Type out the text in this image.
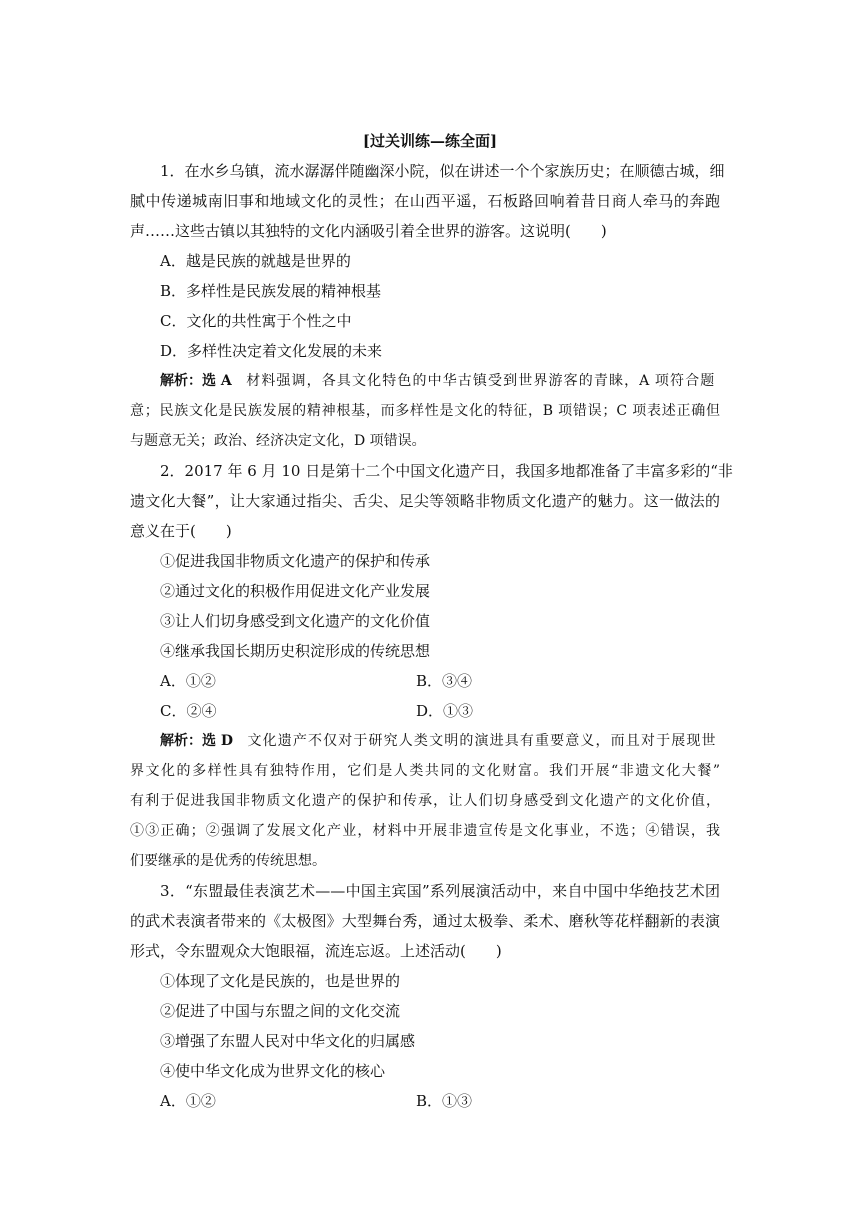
[过关训练—练全面]
1．在水乡乌镇，流水潺潺伴随幽深小院，似在讲述一个个家族历史；在顺德古城，细
腻中传递城南旧事和地域文化的灵性；在山西平遥，石板路回响着昔日商人牵马的奔跑
声……这些古镇以其独特的文化内涵吸引着全世界的游客。这说明(　　)
A．越是民族的就越是世界的
B．多样性是民族发展的精神根基
C．文化的共性寓于个性之中
D．多样性决定着文化发展的未来
解析：选 A 材料强调，各具文化特色的中华古镇受到世界游客的青睐，A 项符合题
意；民族文化是民族发展的精神根基，而多样性是文化的特征，B 项错误；C 项表述正确但
与题意无关；政治、经济决定文化，D 项错误。
2．2017 年 6 月 10 日是第十二个中国文化遗产日，我国多地都准备了丰富多彩的“非
遗文化大餐”，让大家通过指尖、舌尖、足尖等领略非物质文化遗产的魅力。这一做法的
意义在于(　　)
①促进我国非物质文化遗产的保护和传承
②通过文化的积极作用促进文化产业发展
③让人们切身感受到文化遗产的文化价值
④继承我国长期历史积淀形成的传统思想
A．①②	B．③④
C．②④	D．①③
解析：选 D 文化遗产不仅对于研究人类文明的演进具有重要意义，而且对于展现世
界文化的多样性具有独特作用，它们是人类共同的文化财富。我们开展“非遗文化大餐”
有利于促进我国非物质文化遗产的保护和传承，让人们切身感受到文化遗产的文化价值，
①③正确；②强调了发展文化产业，材料中开展非遗宣传是文化事业，不选；④错误，我
们要继承的是优秀的传统思想。
3．“东盟最佳表演艺术——中国主宾国”系列展演活动中，来自中国中华绝技艺术团
的武术表演者带来的《太极图》大型舞台秀，通过太极拳、柔术、磨秋等花样翻新的表演
形式，令东盟观众大饱眼福，流连忘返。上述活动(　　)
①体现了文化是民族的，也是世界的
②促进了中国与东盟之间的文化交流
③增强了东盟人民对中华文化的归属感
④使中华文化成为世界文化的核心
A．①②	B．①③
